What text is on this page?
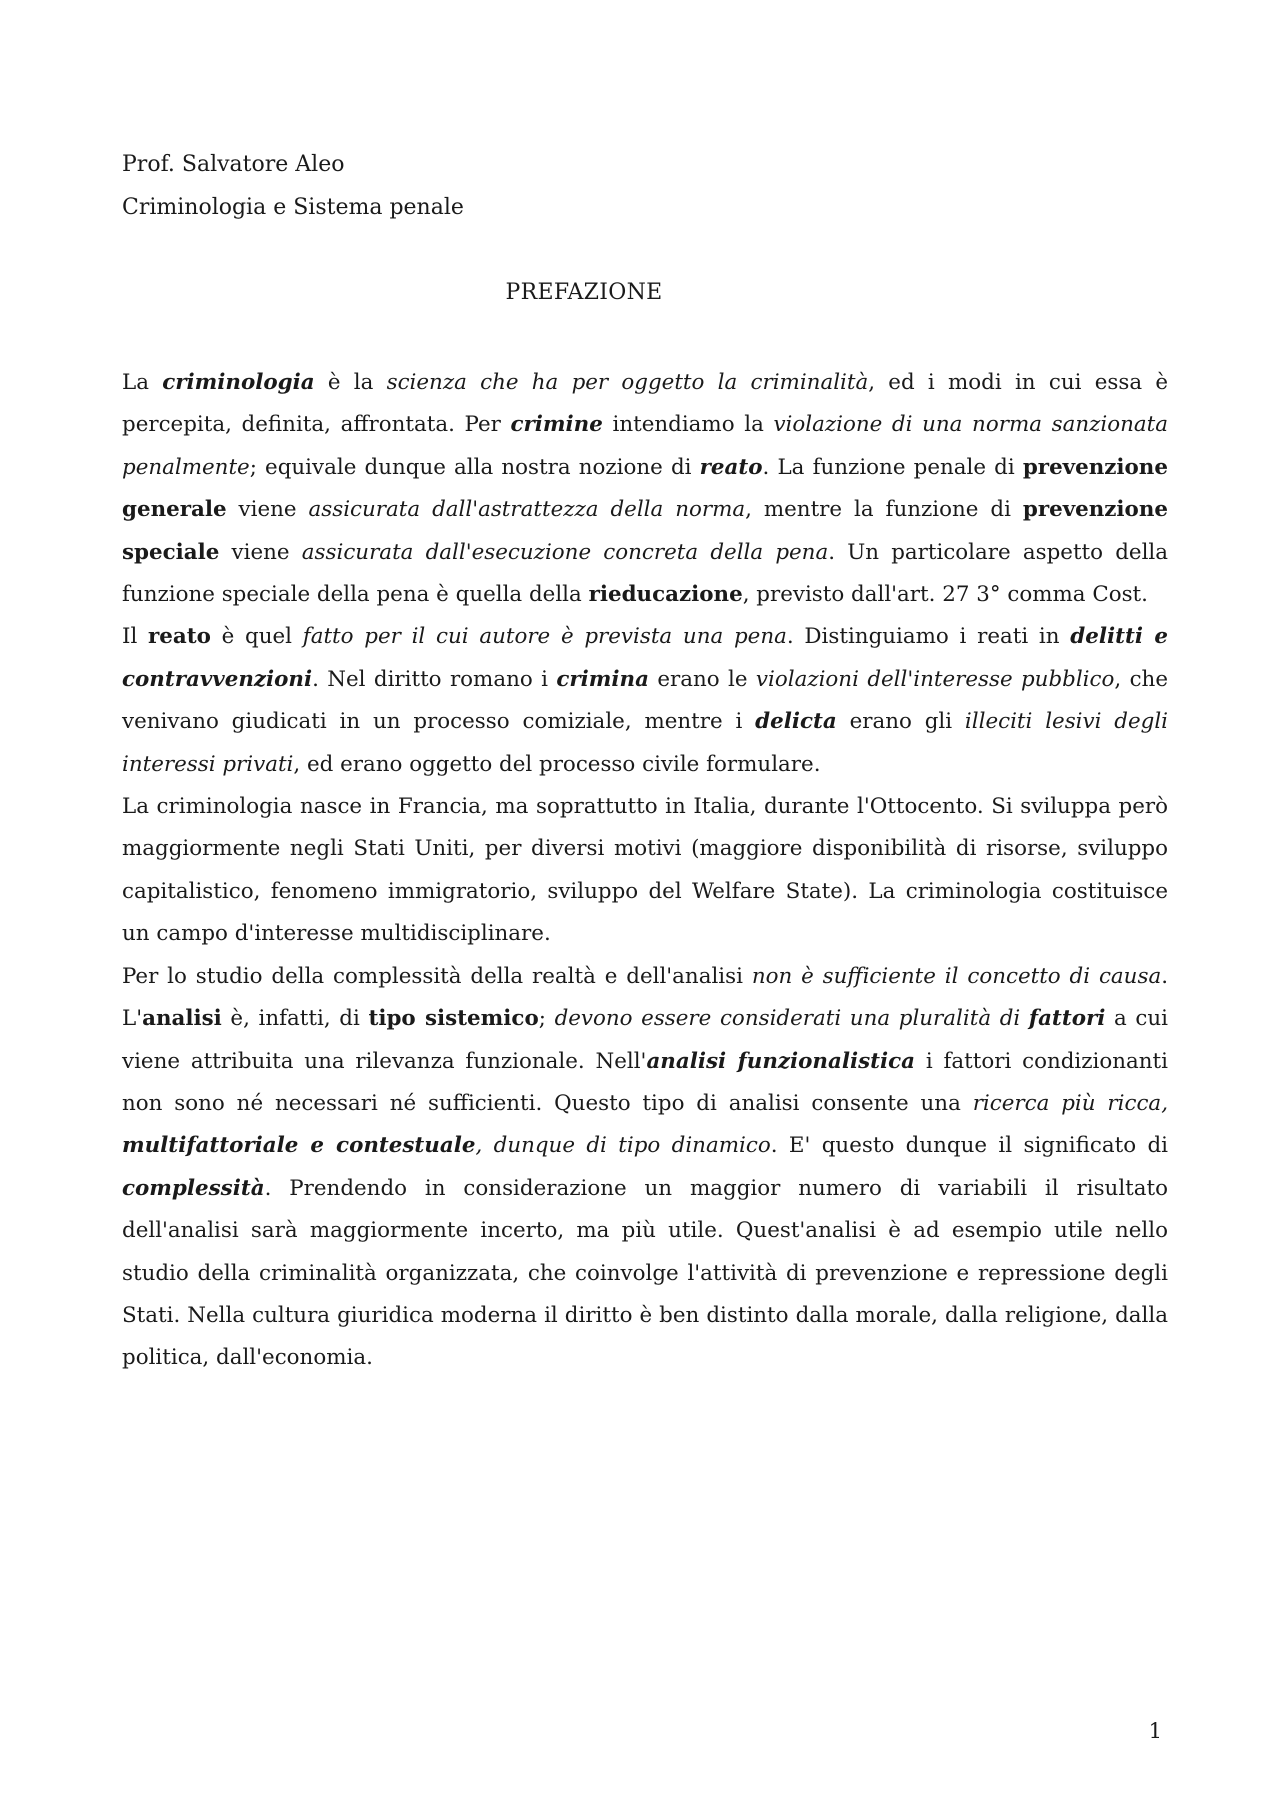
Prof. Salvatore Aleo

Criminologia e Sistema penale

PREFAZIONE

La criminologia è la scienza che ha per oggetto la criminalità, ed i modi in cui essa è percepita, definita, affrontata. Per crimine intendiamo la violazione di una norma sanzionata penalmente; equivale dunque alla nostra nozione di reato. La funzione penale di prevenzione generale viene assicurata dall'astrattezza della norma, mentre la funzione di prevenzione speciale viene assicurata dall'esecuzione concreta della pena. Un particolare aspetto della funzione speciale della pena è quella della rieducazione, previsto dall'art. 27 3° comma Cost.

Il reato è quel fatto per il cui autore è prevista una pena. Distinguiamo i reati in delitti e contravvenzioni. Nel diritto romano i crimina erano le violazioni dell'interesse pubblico, che venivano giudicati in un processo comiziale, mentre i delicta erano gli illeciti lesivi degli interessi privati, ed erano oggetto del processo civile formulare.

La criminologia nasce in Francia, ma soprattutto in Italia, durante l'Ottocento. Si sviluppa però maggiormente negli Stati Uniti, per diversi motivi (maggiore disponibilità di risorse, sviluppo capitalistico, fenomeno immigratorio, sviluppo del Welfare State). La criminologia costituisce un campo d'interesse multidisciplinare.

Per lo studio della complessità della realtà e dell'analisi non è sufficiente il concetto di causa. L'analisi è, infatti, di tipo sistemico; devono essere considerati una pluralità di fattori a cui viene attribuita una rilevanza funzionale. Nell'analisi funzionalistica i fattori condizionanti non sono né necessari né sufficienti. Questo tipo di analisi consente una ricerca più ricca, multifattoriale e contestuale, dunque di tipo dinamico. E' questo dunque il significato di complessità. Prendendo in considerazione un maggior numero di variabili il risultato dell'analisi sarà maggiormente incerto, ma più utile. Quest'analisi è ad esempio utile nello studio della criminalità organizzata, che coinvolge l'attività di prevenzione e repressione degli Stati. Nella cultura giuridica moderna il diritto è ben distinto dalla morale, dalla religione, dalla politica, dall'economia.

1
